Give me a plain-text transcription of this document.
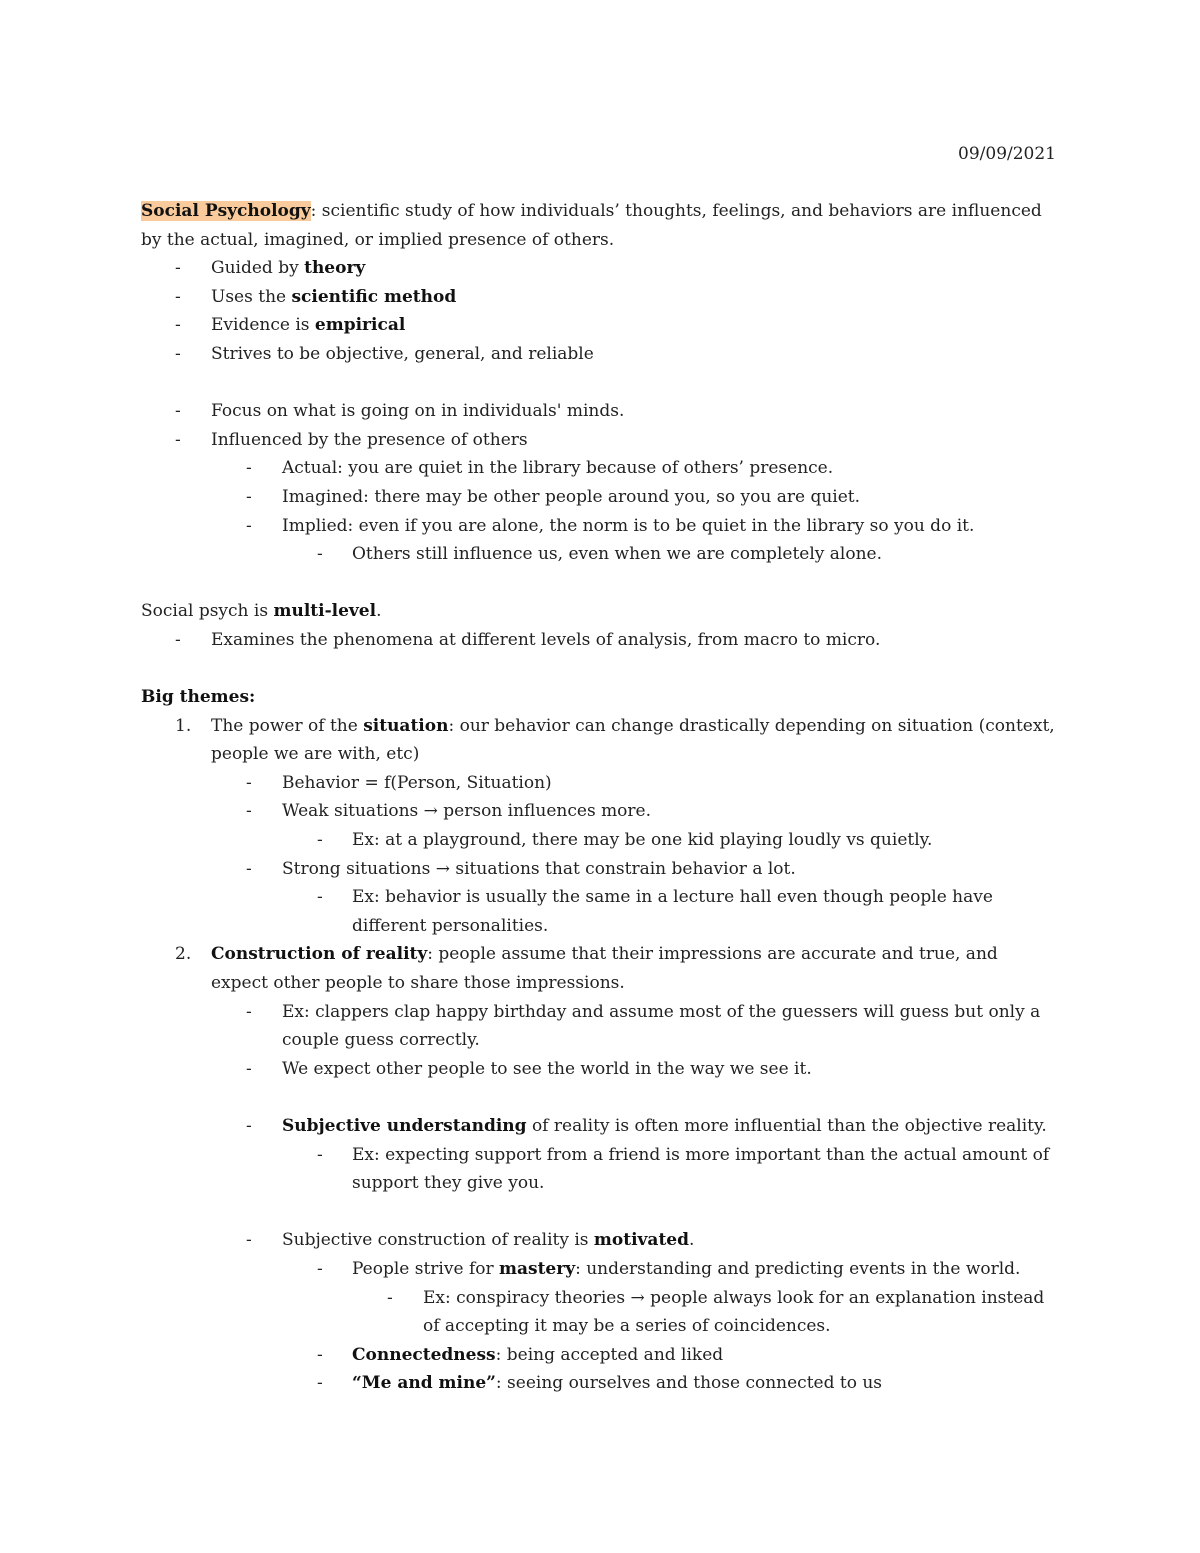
09/09/2021

Social Psychology: scientific study of how individuals’ thoughts, feelings, and behaviors are influenced by the actual, imagined, or implied presence of others.

- Guided by theory
- Uses the scientific method
- Evidence is empirical
- Strives to be objective, general, and reliable
- Focus on what is going on in individuals' minds.
- Influenced by the presence of others
- Actual: you are quiet in the library because of others’ presence.
- Imagined: there may be other people around you, so you are quiet.
- Implied: even if you are alone, the norm is to be quiet in the library so you do it.
- Others still influence us, even when we are completely alone.

Social psych is multi-level.

- Examines the phenomena at different levels of analysis, from macro to micro.

Big themes:

1. The power of the situation: our behavior can change drastically depending on situation (context, people we are with, etc)
- Behavior = f(Person, Situation)
- Weak situations → person influences more.
- Ex: at a playground, there may be one kid playing loudly vs quietly.
- Strong situations → situations that constrain behavior a lot.
- Ex: behavior is usually the same in a lecture hall even though people have different personalities.
2. Construction of reality: people assume that their impressions are accurate and true, and expect other people to share those impressions.
- Ex: clappers clap happy birthday and assume most of the guessers will guess but only a couple guess correctly.
- We expect other people to see the world in the way we see it.
- Subjective understanding of reality is often more influential than the objective reality.
- Ex: expecting support from a friend is more important than the actual amount of support they give you.
- Subjective construction of reality is motivated.
- People strive for mastery: understanding and predicting events in the world.
- Ex: conspiracy theories → people always look for an explanation instead of accepting it may be a series of coincidences.
- Connectedness: being accepted and liked
- “Me and mine”: seeing ourselves and those connected to us
